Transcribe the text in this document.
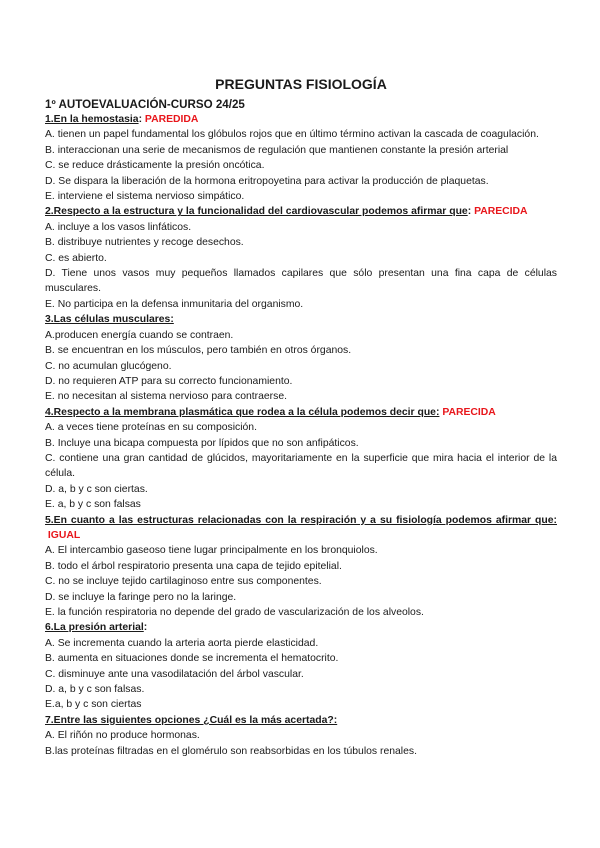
PREGUNTAS FISIOLOGÍA
1º AUTOEVALUACIÓN-CURSO 24/25
1.En la hemostasia: PAREDIDA
A. tienen un papel fundamental los glóbulos rojos que en último término activan la cascada de coagulación.
B. interaccionan una serie de mecanismos de regulación que mantienen constante la presión arterial
C. se reduce drásticamente la presión oncótica.
D. Se dispara la liberación de la hormona eritropoyetina para activar la producción de plaquetas.
E. interviene el sistema nervioso simpático.
2.Respecto a la estructura y la funcionalidad del cardiovascular podemos afirmar que: PARECIDA
A. incluye a los vasos linfáticos.
B. distribuye nutrientes y recoge desechos.
C. es abierto.
D. Tiene unos vasos muy pequeños llamados capilares que sólo presentan una fina capa de células musculares.
E. No participa en la defensa inmunitaria del organismo.
3.Las células musculares:
A.producen energía cuando se contraen.
B. se encuentran en los músculos, pero también en otros órganos.
C. no acumulan glucógeno.
D. no requieren ATP para su correcto funcionamiento.
E. no necesitan al sistema nervioso para contraerse.
4.Respecto a la membrana plasmática que rodea a la célula podemos decir que: PARECIDA
A. a veces tiene proteínas en su composición.
B. Incluye una bicapa compuesta por lípidos que no son anfipáticos.
C. contiene una gran cantidad de glúcidos, mayoritariamente en la superficie que mira hacia el interior de la célula.
D. a, b y c son ciertas.
E. a, b y c son falsas
5.En cuanto a las estructuras relacionadas con la respiración y a su fisiología podemos afirmar que: IGUAL
A. El intercambio gaseoso tiene lugar principalmente en los bronquiolos.
B. todo el árbol respiratorio presenta una capa de tejido epitelial.
C. no se incluye tejido cartilaginoso entre sus componentes.
D. se incluye la faringe pero no la laringe.
E. la función respiratoria no depende del grado de vascularización de los alveolos.
6.La presión arterial:
A. Se incrementa cuando la arteria aorta pierde elasticidad.
B. aumenta en situaciones donde se incrementa el hematocrito.
C. disminuye ante una vasodilatación del árbol vascular.
D. a, b y c son falsas.
E.a, b y c son ciertas
7.Entre las siguientes opciones ¿Cuál es la más acertada?:
A. El riñón no produce hormonas.
B.las proteínas filtradas en el glomérulo son reabsorbidas en los túbulos renales.
